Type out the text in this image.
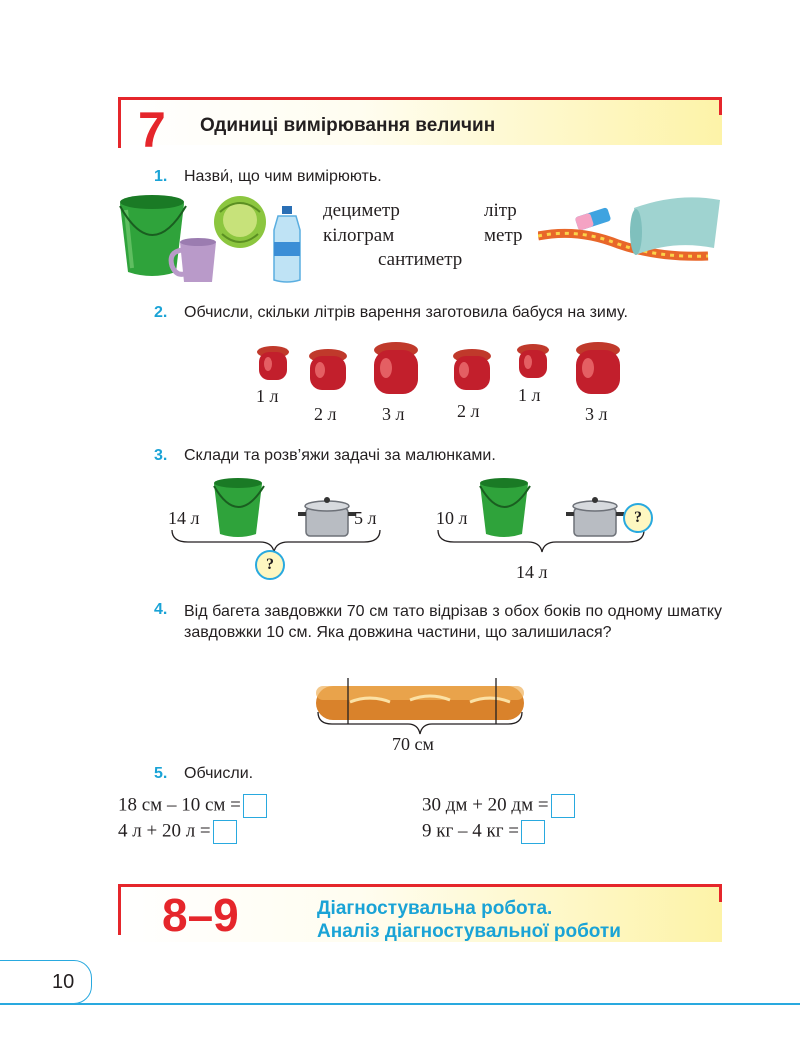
7 Одиниці вимірювання величин
1. Назви́, що чим вимірюють.
дециметр	літр
кілограм	метр
сантиметр
2. Обчисли, скільки літрів варення заготовила бабуся на зиму.
1 л
2 л	3 л	2 л
1 л
3 л
3. Склади та розв’яжи задачі за малюнками.
14 л	5 л
?
10 л	?
14 л
4. Від багета завдовжки 70 см тато відрізав з обох боків по одному шматку завдовжки 10 см. Яка довжина частини, що залишилася?
70 см
5. Обчисли.
18 см – 10 см =	30 дм + 20 дм =
4 л + 20 л =	9 кг – 4 кг =
8–9	Діагностувальна робота.
Аналіз діагностувальної роботи
10
